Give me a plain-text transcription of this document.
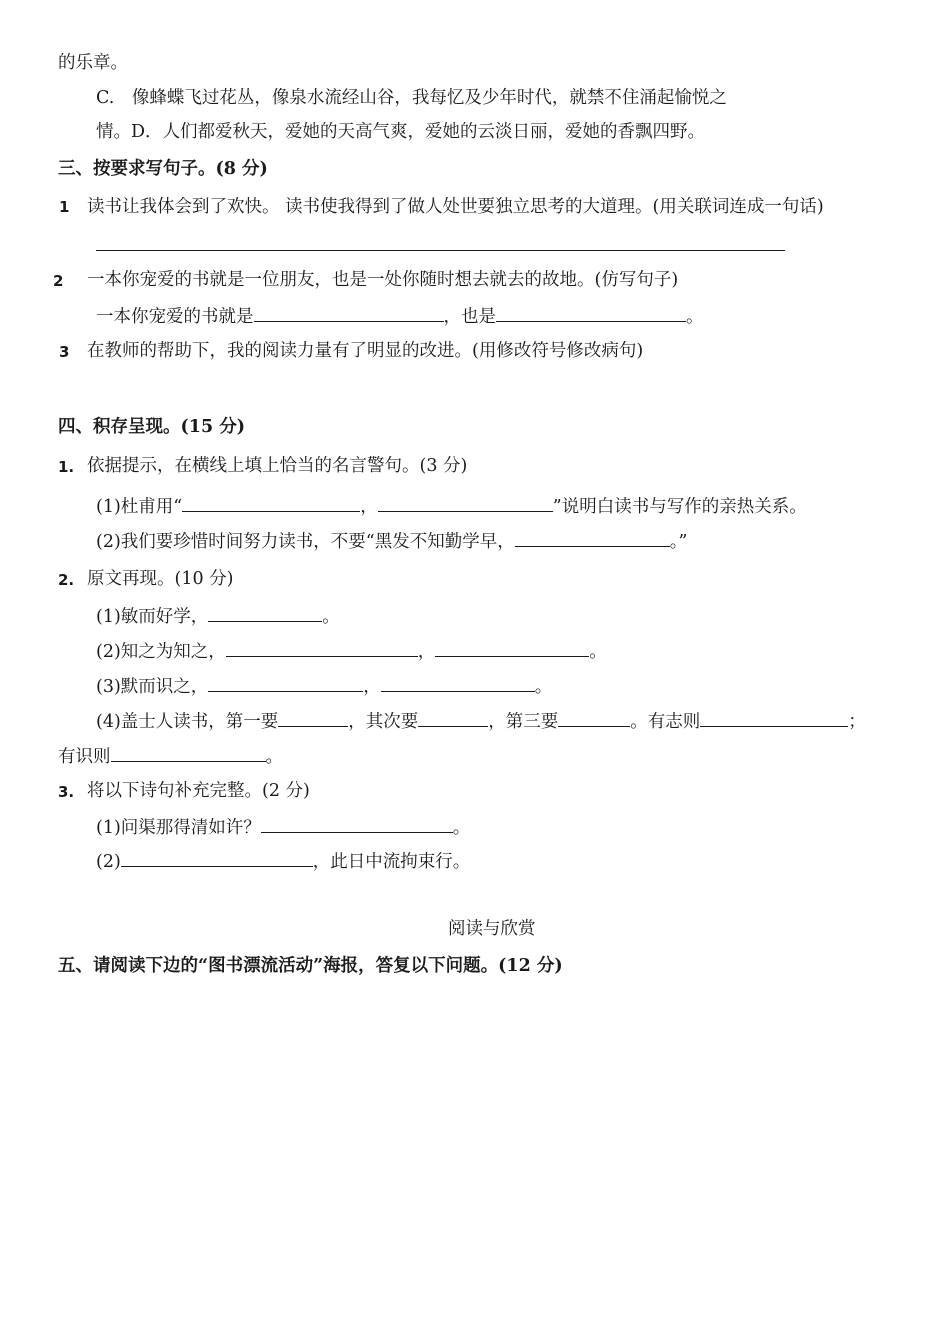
的乐章。
C.　像蜂蝶飞过花丛，像泉水流经山谷，我每忆及少年时代，就禁不住涌起愉悦之
情。D．人们都爱秋天，爱她的天高气爽，爱她的云淡日丽，爱她的香飘四野。
三、按要求写句子。(8 分)
1 读书让我体会到了欢快。 读书使我得到了做人处世要独立思考的大道理。(用关联词连成一句话)
2 一本你宠爱的书就是一位朋友，也是一处你随时想去就去的故地。(仿写句子)
一本你宠爱的书就是	，也是	。
3 在教师的帮助下，我的阅读力量有了明显的改进。(用修改符号修改病句)
四、积存呈现。(15 分)
1. 依据提示，在横线上填上恰当的名言警句。(3 分)
(1)杜甫用“	，	”说明白读书与写作的亲热关系。
(2)我们要珍惜时间努力读书，不要“黑发不知勤学早，	。”
2. 原文再现。(10 分)
(1)敏而好学，	。
(2)知之为知之，	，	。
(3)默而识之，	，	。
(4)盖士人读书，第一要	，其次要	，第三要	。有志则	；
有识则	。
3. 将以下诗句补充完整。(2 分)
(1)问渠那得清如许？	。
(2)	，此日中流拘束行。
阅读与欣赏
五、请阅读下边的“图书漂流活动”海报，答复以下问题。(12 分)
